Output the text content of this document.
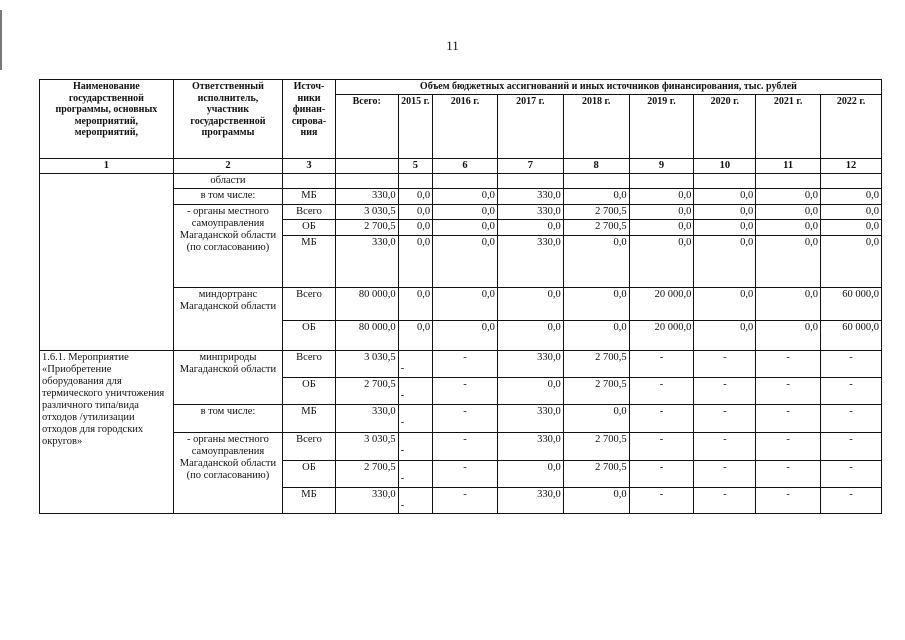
11
Наименование государственной программы, основных мероприятий, мероприятий,	Ответственный исполнитель, участник государственной программы	Источ-ники финан-сирова-ния	Объем бюджетных ассигнований и иных источников финансирования, тыс. рублей								
			Всего:	2015 г.	2016 г.	2017 г.	2018 г.	2019 г.	2020 г.	2021 г.	2022 г.
1	2	3		5	6	7	8	9	10	11	12
	области										
	в том числе:	МБ	330,0	0,0	0,0	330,0	0,0	0,0	0,0	0,0	0,0
	- органы местного самоуправления Магаданской области (по согласованию)	Всего	3 030,5	0,0	0,0	330,0	2 700,5	0,0	0,0	0,0	0,0
		ОБ	2 700,5	0,0	0,0	0,0	2 700,5	0,0	0,0	0,0	0,0
		МБ	330,0	0,0	0,0	330,0	0,0	0,0	0,0	0,0	0,0
	миндортранс Магаданской области	Всего	80 000,0	0,0	0,0	0,0	0,0	20 000,0	0,0	0,0	60 000,0
		ОБ	80 000,0	0,0	0,0	0,0	0,0	20 000,0	0,0	0,0	60 000,0
1.6.1. Мероприятие «Приобретение оборудования для термического уничтожения различного типа/вида отходов /утилизации отходов для городских округов»	минприроды Магаданской области	Всего	3 030,5	-	-	330,0	2 700,5	-	-	-	-
		ОБ	2 700,5	-	-	0,0	2 700,5	-	-	-	-
	в том числе:	МБ	330,0	-	-	330,0	0,0	-	-	-	-
	- органы местного самоуправления Магаданской области (по согласованию)	Всего	3 030,5	-	-	330,0	2 700,5	-	-	-	-
		ОБ	2 700,5	-	-	0,0	2 700,5	-	-	-	-
		МБ	330,0	-	-	330,0	0,0	-	-	-	-
